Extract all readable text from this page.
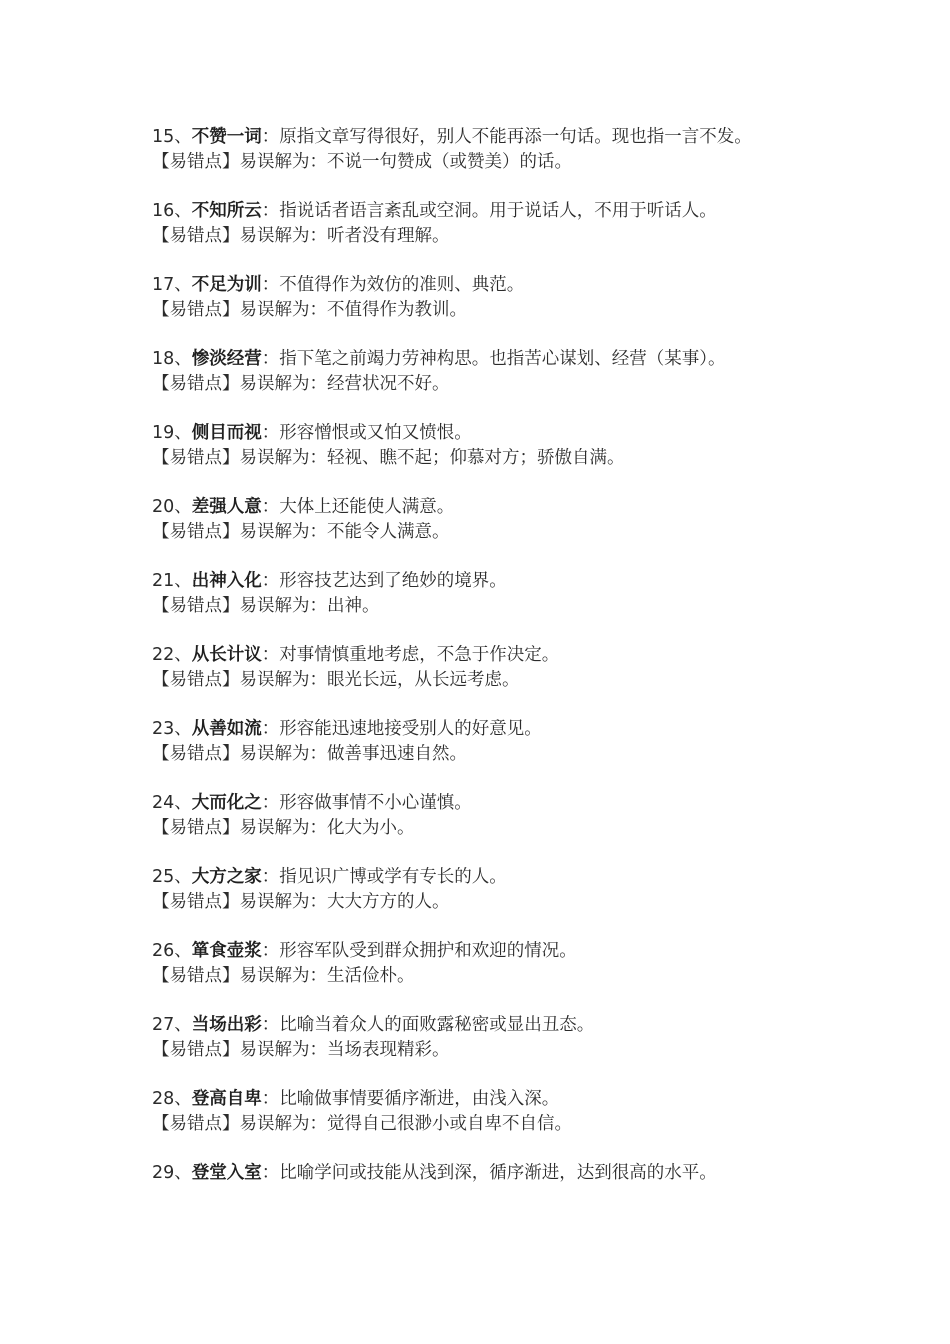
15、不赞一词：原指文章写得很好，别人不能再添一句话。现也指一言不发。
【易错点】易误解为：不说一句赞成（或赞美）的话。
16、不知所云：指说话者语言紊乱或空洞。用于说话人，不用于听话人。
【易错点】易误解为：听者没有理解。
17、不足为训：不值得作为效仿的准则、典范。
【易错点】易误解为：不值得作为教训。
18、惨淡经营：指下笔之前竭力劳神构思。也指苦心谋划、经营（某事）。
【易错点】易误解为：经营状况不好。
19、侧目而视：形容憎恨或又怕又愤恨。
【易错点】易误解为：轻视、瞧不起；仰慕对方；骄傲自满。
20、差强人意：大体上还能使人满意。
【易错点】易误解为：不能令人满意。
21、出神入化：形容技艺达到了绝妙的境界。
【易错点】易误解为：出神。
22、从长计议：对事情慎重地考虑，不急于作决定。
【易错点】易误解为：眼光长远，从长远考虑。
23、从善如流：形容能迅速地接受别人的好意见。
【易错点】易误解为：做善事迅速自然。
24、大而化之：形容做事情不小心谨慎。
【易错点】易误解为：化大为小。
25、大方之家：指见识广博或学有专长的人。
【易错点】易误解为：大大方方的人。
26、箪食壶浆：形容军队受到群众拥护和欢迎的情况。
【易错点】易误解为：生活俭朴。
27、当场出彩：比喻当着众人的面败露秘密或显出丑态。
【易错点】易误解为：当场表现精彩。
28、登高自卑：比喻做事情要循序渐进，由浅入深。
【易错点】易误解为：觉得自己很渺小或自卑不自信。
29、登堂入室：比喻学问或技能从浅到深，循序渐进，达到很高的水平。
